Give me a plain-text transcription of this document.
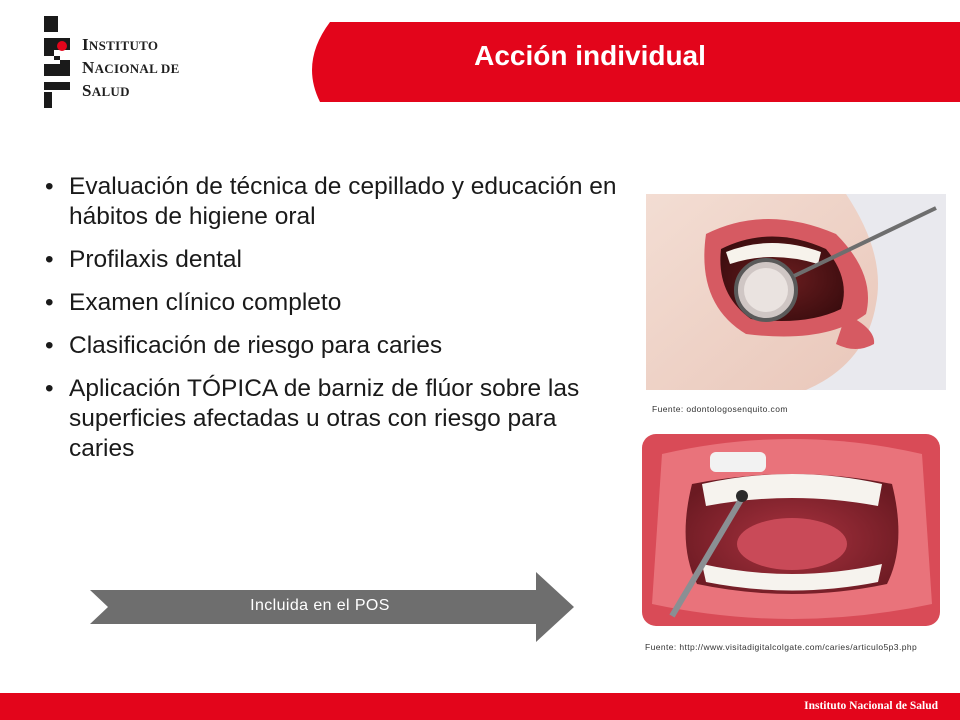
INSTITUTO
NACIONAL DE
SALUD
Acción individual
• Evaluación de técnica de cepillado y educación en hábitos de higiene oral
• Profilaxis dental
• Examen clínico completo
• Clasificación de riesgo para caries
• Aplicación TÓPICA de barniz de flúor sobre las superficies afectadas u otras con riesgo para caries
Fuente: odontologosenquito.com
Fuente: http://www.visitadigitalcolgate.com/caries/articulo5p3.php
Incluida en el POS
Instituto Nacional de Salud
